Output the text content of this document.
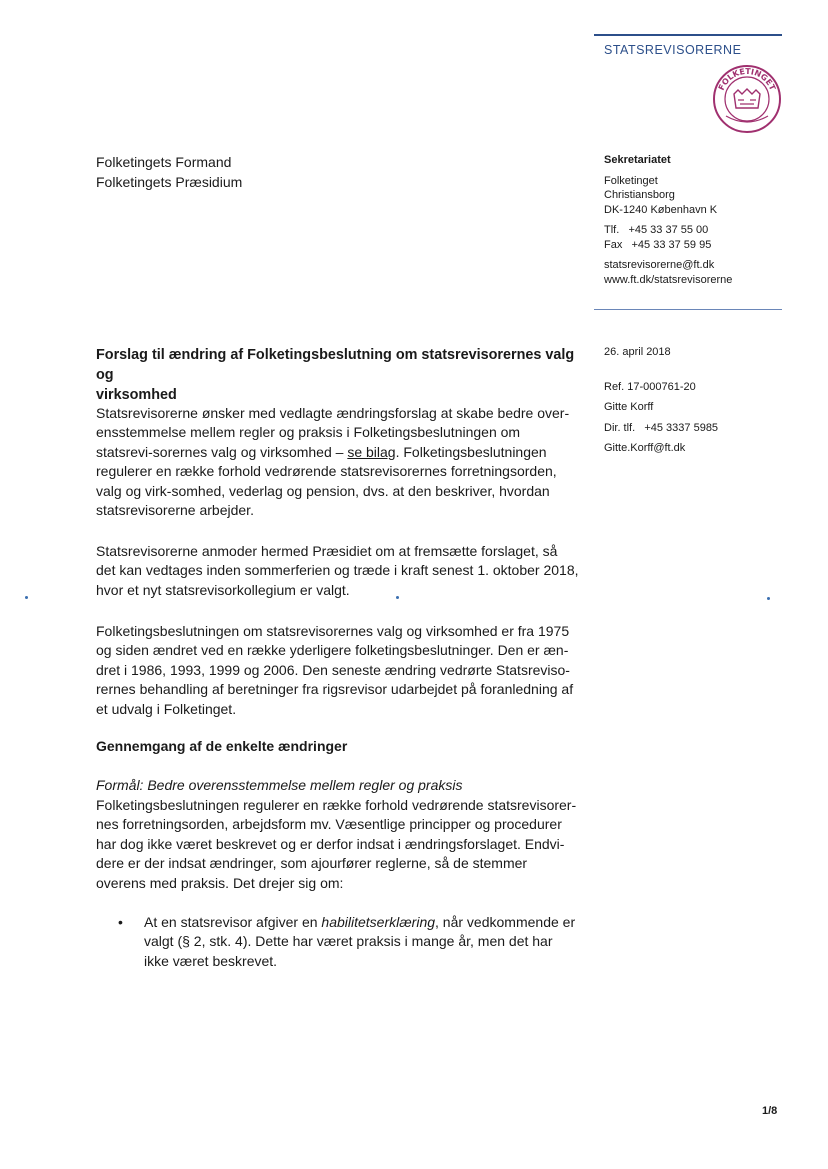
STATSREVISORERNE
FOLKETINGET
Folketingets Formand
Folketingets Præsidium
Sekretariatet
Folketinget
Christiansborg
DK-1240 København K
Tlf.   +45 33 37 55 00
Fax   +45 33 37 59 95
statsrevisorerne@ft.dk
www.ft.dk/statsrevisorerne
26. april 2018
Ref. 17-000761-20
Gitte Korff
Dir. tlf.   +45 3337 5985
Gitte.Korff@ft.dk
Forslag til ændring af Folketingsbeslutning om statsrevisorernes valg og
virksomhed

Statsrevisorerne ønsker med vedlagte ændringsforslag at skabe bedre over-ensstemmelse mellem regler og praksis i Folketingsbeslutningen om statsrevi-sorernes valg og virksomhed – se bilag. Folketingsbeslutningen regulerer en række forhold vedrørende statsrevisorernes forretningsorden, valg og virk-somhed, vederlag og pension, dvs. at den beskriver, hvordan statsrevisorerne arbejder.

Statsrevisorerne anmoder hermed Præsidiet om at fremsætte forslaget, så det kan vedtages inden sommerferien og træde i kraft senest 1. oktober 2018, hvor et nyt statsrevisorkollegium er valgt.

Folketingsbeslutningen om statsrevisorernes valg og virksomhed er fra 1975 og siden ændret ved en række yderligere folketingsbeslutninger. Den er æn-dret i 1986, 1993, 1999 og 2006. Den seneste ændring vedrørte Statsreviso-rernes behandling af beretninger fra rigsrevisor udarbejdet på foranledning af et udvalg i Folketinget.

Gennemgang af de enkelte ændringer
Formål: Bedre overensstemmelse mellem regler og praksis

Folketingsbeslutningen regulerer en række forhold vedrørende statsrevisorer-nes forretningsorden, arbejdsform mv. Væsentlige principper og procedurer har dog ikke været beskrevet og er derfor indsat i ændringsforslaget. Endvi-dere er der indsat ændringer, som ajourfører reglerne, så de stemmer overens med praksis. Det drejer sig om:

• At en statsrevisor afgiver en habilitetserklæring, når vedkommende er valgt (§ 2, stk. 4). Dette har været praksis i mange år, men det har ikke været beskrevet.
1/8
